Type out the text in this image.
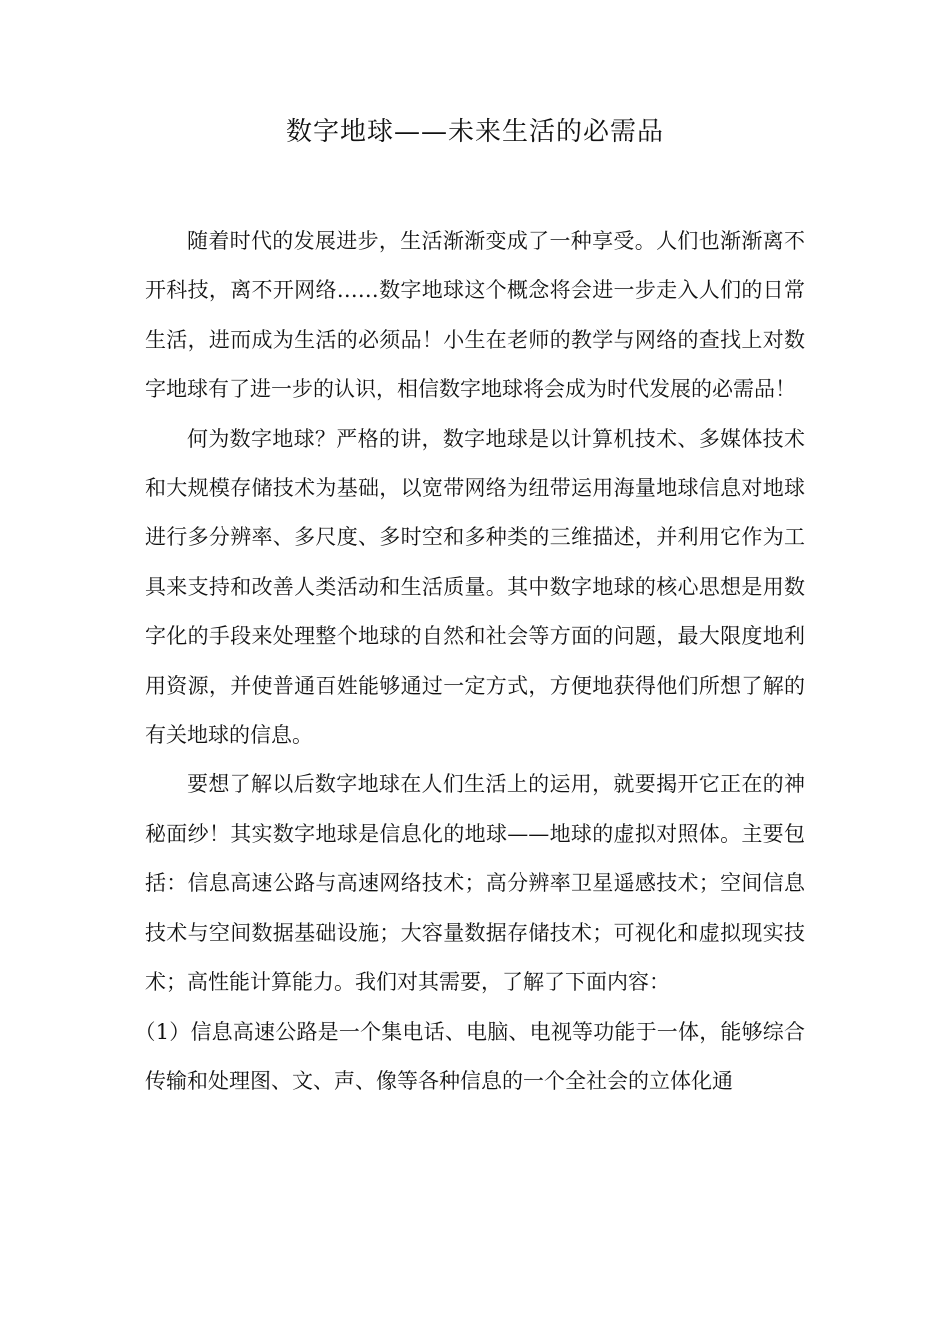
数字地球——未来生活的必需品

随着时代的发展进步，生活渐渐变成了一种享受。人们也渐渐离不开科技，离不开网络……数字地球这个概念将会进一步走入人们的日常生活，进而成为生活的必须品！小生在老师的教学与网络的查找上对数字地球有了进一步的认识，相信数字地球将会成为时代发展的必需品！

何为数字地球？严格的讲，数字地球是以计算机技术、多媒体技术和大规模存储技术为基础，以宽带网络为纽带运用海量地球信息对地球进行多分辨率、多尺度、多时空和多种类的三维描述，并利用它作为工具来支持和改善人类活动和生活质量。其中数字地球的核心思想是用数字化的手段来处理整个地球的自然和社会等方面的问题，最大限度地利用资源，并使普通百姓能够通过一定方式，方便地获得他们所想了解的有关地球的信息。

要想了解以后数字地球在人们生活上的运用，就要揭开它正在的神秘面纱！其实数字地球是信息化的地球——地球的虚拟对照体。主要包括：信息高速公路与高速网络技术；高分辨率卫星遥感技术；空间信息技术与空间数据基础设施；大容量数据存储技术；可视化和虚拟现实技术；高性能计算能力。我们对其需要，了解了下面内容：

（1）信息高速公路是一个集电话、电脑、电视等功能于一体，能够综合传输和处理图、文、声、像等各种信息的一个全社会的立体化通
